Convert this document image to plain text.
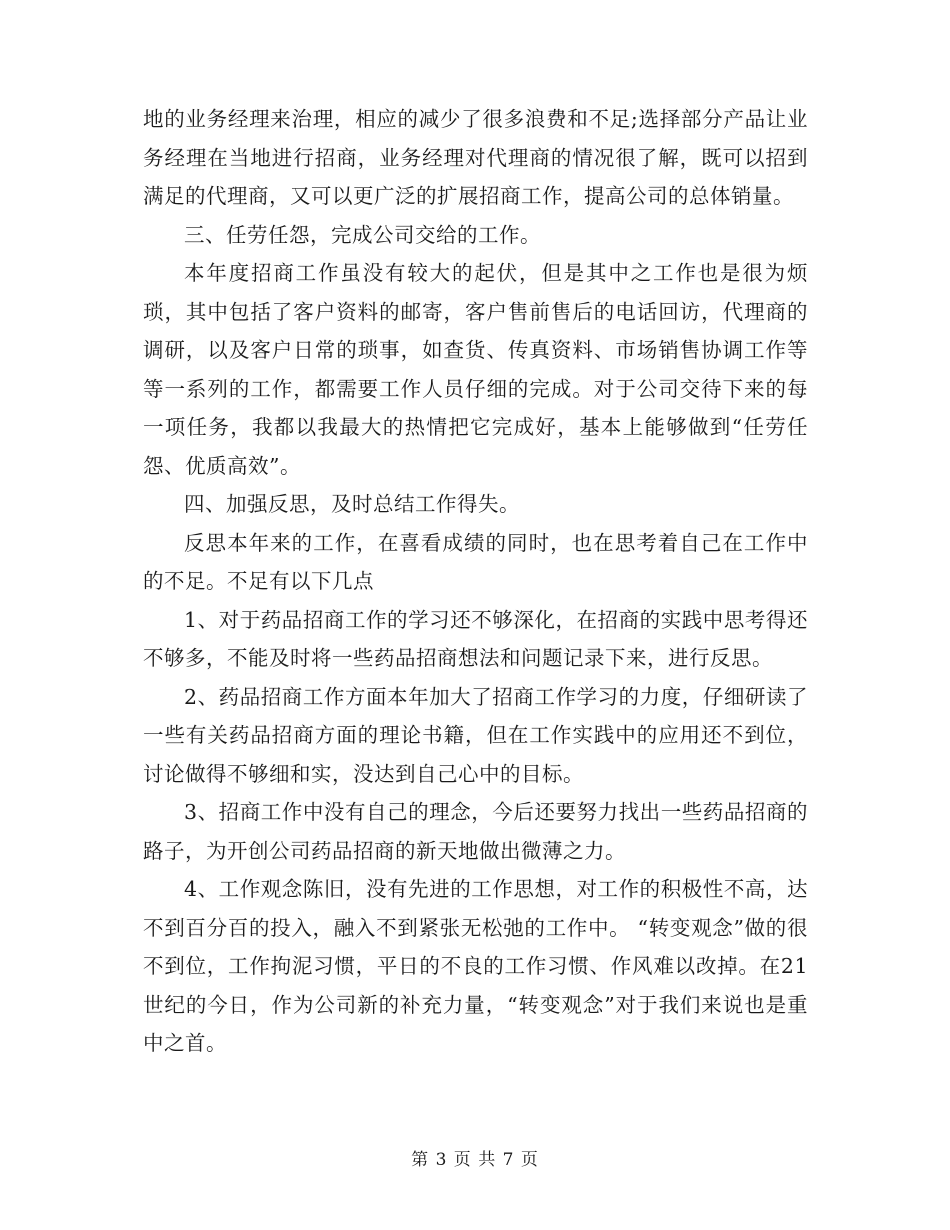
地的业务经理来治理，相应的减少了很多浪费和不足;选择部分产品让业务经理在当地进行招商，业务经理对代理商的情况很了解，既可以招到满足的代理商，又可以更广泛的扩展招商工作，提高公司的总体销量。

三、任劳任怨，完成公司交给的工作。

本年度招商工作虽没有较大的起伏，但是其中之工作也是很为烦琐，其中包括了客户资料的邮寄，客户售前售后的电话回访，代理商的调研，以及客户日常的琐事，如查货、传真资料、市场销售协调工作等等一系列的工作，都需要工作人员仔细的完成。对于公司交待下来的每一项任务，我都以我最大的热情把它完成好，基本上能够做到“任劳任怨、优质高效”。

四、加强反思，及时总结工作得失。

反思本年来的工作，在喜看成绩的同时，也在思考着自己在工作中的不足。不足有以下几点

1、对于药品招商工作的学习还不够深化，在招商的实践中思考得还不够多，不能及时将一些药品招商想法和问题记录下来，进行反思。

2、药品招商工作方面本年加大了招商工作学习的力度，仔细研读了一些有关药品招商方面的理论书籍，但在工作实践中的应用还不到位，讨论做得不够细和实，没达到自己心中的目标。

3、招商工作中没有自己的理念，今后还要努力找出一些药品招商的路子，为开创公司药品招商的新天地做出微薄之力。

4、工作观念陈旧，没有先进的工作思想，对工作的积极性不高，达不到百分百的投入，融入不到紧张无松弛的工作中。 “转变观念”做的很不到位，工作拘泥习惯，平日的不良的工作习惯、作风难以改掉。在21世纪的今日，作为公司新的补充力量，“转变观念”对于我们来说也是重中之首。

第 3 页 共 7 页
